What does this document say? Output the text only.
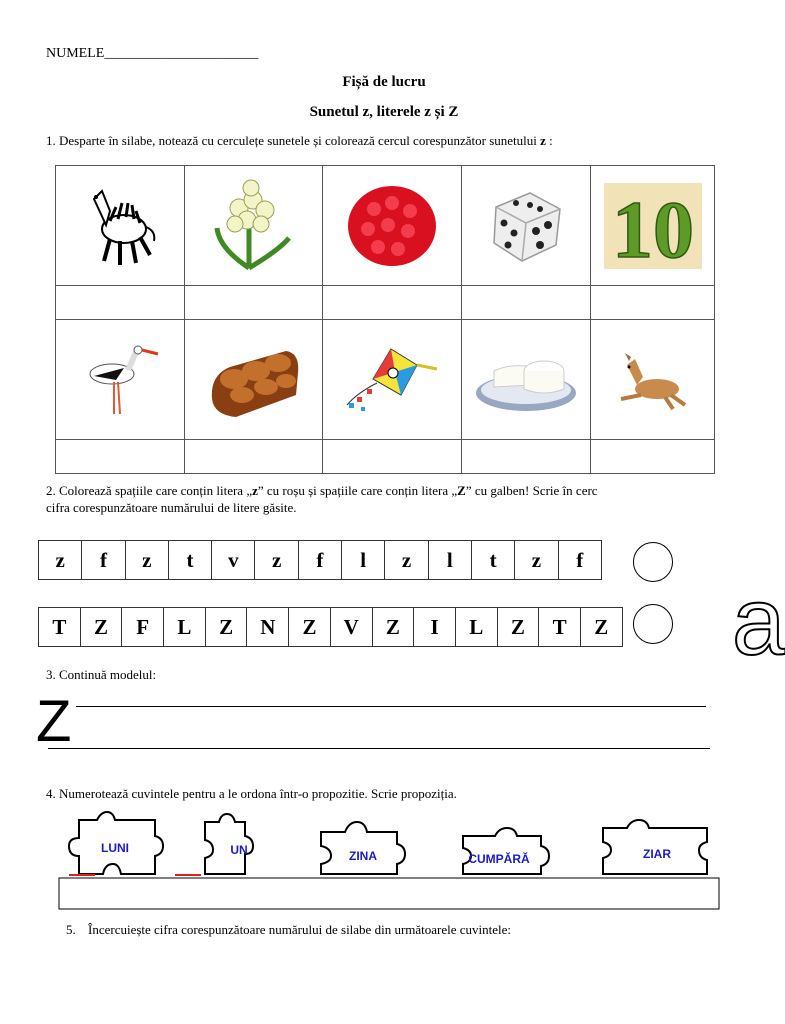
NUMELE______________________
Fișă de lucru
Sunetul z, literele z și Z
1. Desparte în silabe, notează cu cerculețe sunetele și colorează cercul corespunzător sunetului z :

10

2. Colorează spațiile care conțin litera „z” cu roșu și spațiile care conțin litera „Z” cu galben! Scrie în cerc
cifra corespunzătoare numărului de litere găsite.
z	f	z	t	v	z	f	l	z	l	t	z	f
T	Z	F	L	Z	N	Z	V	Z	I	L	Z	T	Z a
3. Continuă modelul:
Z
4. Numerotează cuvintele pentru a le ordona într-o propozitie. Scrie propoziția.
LUNI	UN	ZINA	CUMPĂRĂ	ZIAR
5. Încercuiește cifra corespunzătoare numărului de silabe din următoarele cuvintele:
